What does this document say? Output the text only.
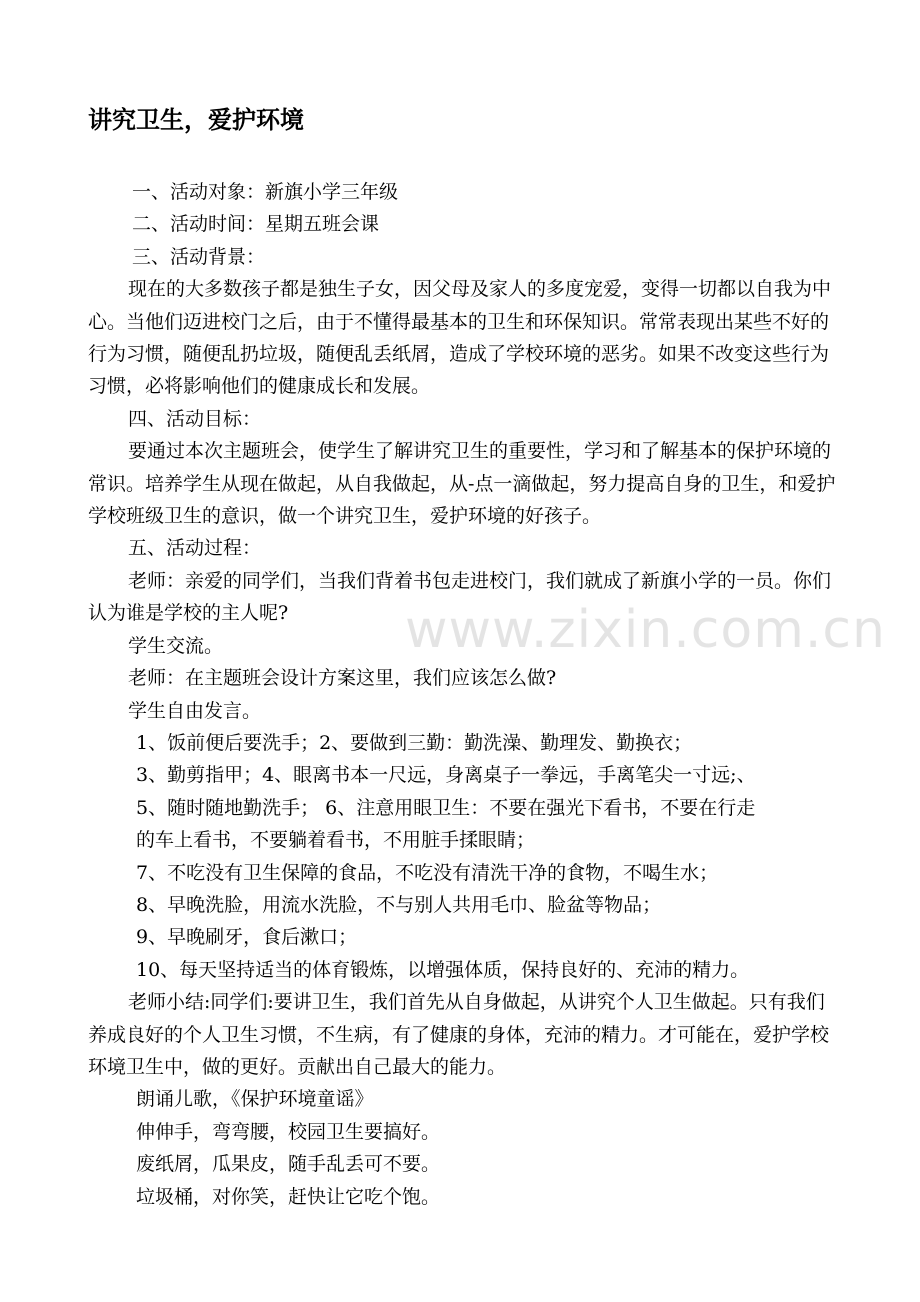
讲究卫生，爱护环境

一、活动对象：新旗小学三年级

二、活动时间：星期五班会课

三、活动背景：

现在的大多数孩子都是独生子女，因父母及家人的多度宠爱，变得一切都以自我为中心。当他们迈进校门之后，由于不懂得最基本的卫生和环保知识。常常表现出某些不好的行为习惯，随便乱扔垃圾，随便乱丢纸屑，造成了学校环境的恶劣。如果不改变这些行为习惯，必将影响他们的健康成长和发展。

四、活动目标：

要通过本次主题班会，使学生了解讲究卫生的重要性，学习和了解基本的保护环境的常识。培养学生从现在做起，从自我做起，从-点一滴做起，努力提高自身的卫生，和爱护学校班级卫生的意识，做一个讲究卫生，爱护环境的好孩子。

五、活动过程：

老师：亲爱的同学们，当我们背着书包走进校门，我们就成了新旗小学的一员。你们认为谁是学校的主人呢?

学生交流。

老师：在主题班会设计方案这里，我们应该怎么做?

学生自由发言。

1、饭前便后要洗手；2、要做到三勤：勤洗澡、勤理发、勤换衣；

3、勤剪指甲；4、眼离书本一尺远，身离桌子一拳远，手离笔尖一寸远;、

5、随时随地勤洗手； 6、注意用眼卫生：不要在强光下看书，不要在行走

的车上看书，不要躺着看书，不用脏手揉眼睛；

7、不吃没有卫生保障的食品，不吃没有清洗干净的食物，不喝生水；

8、早晚洗脸，用流水洗脸，不与别人共用毛巾、脸盆等物品；

9、早晚刷牙，食后漱口；

10、每天坚持适当的体育锻炼，以增强体质，保持良好的、充沛的精力。

老师小结:同学们:要讲卫生，我们首先从自身做起，从讲究个人卫生做起。只有我们养成良好的个人卫生习惯，不生病，有了健康的身体，充沛的精力。才可能在，爱护学校环境卫生中，做的更好。贡献出自己最大的能力。

朗诵儿歌，《保护环境童谣》

伸伸手，弯弯腰，校园卫生要搞好。

废纸屑，瓜果皮，随手乱丢可不要。

垃圾桶，对你笑，赶快让它吃个饱。

www.zixin.com.cn
